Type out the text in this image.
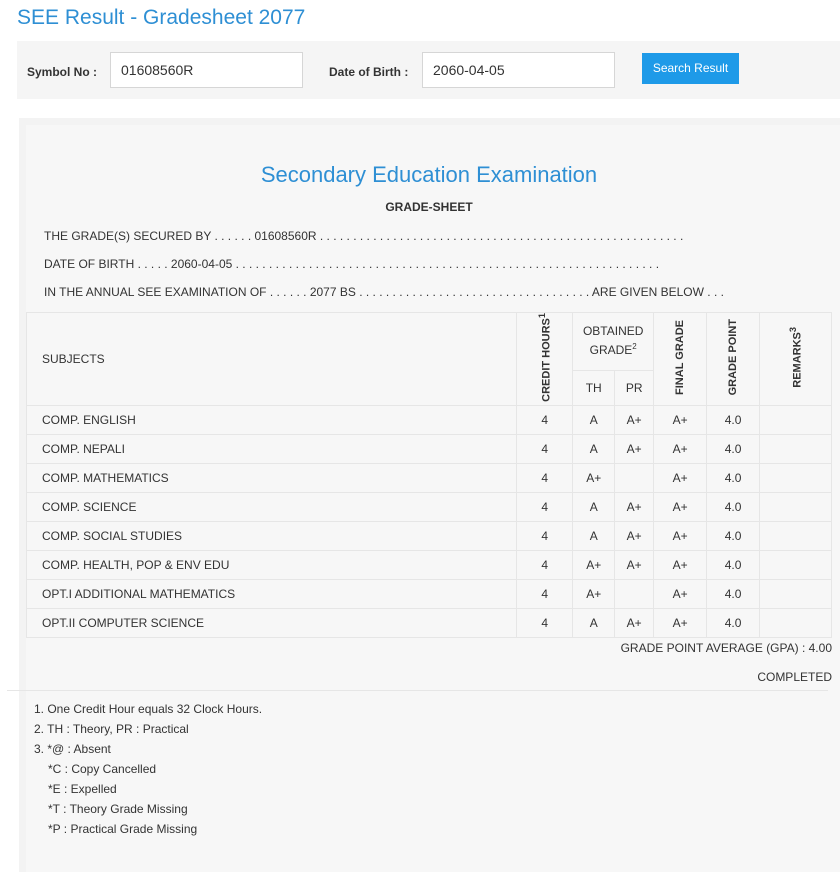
SEE Result - Gradesheet 2077
Symbol No :	01608560R	Date of Birth :	2060-04-05	Search Result
Secondary Education Examination
GRADE-SHEET
THE GRADE(S) SECURED BY . . . . . . 01608560R . . . . . . . . . . . . . . . . . . . . . . . . . . . . . . . . . . . . . . . . . . . . . . . . . . . . . . .
DATE OF BIRTH . . . . . 2060-04-05 . . . . . . . . . . . . . . . . . . . . . . . . . . . . . . . . . . . . . . . . . . . . . . . . . . . . . . . . . . . . . . . .
IN THE ANNUAL SEE EXAMINATION OF . . . . . . 2077 BS . . . . . . . . . . . . . . . . . . . . . . . . . . . . . . . . . . . ARE GIVEN BELOW . . .
SUBJECTS	CREDIT HOURS$^1$	OBTAINED GRADE$^2$		FINAL GRADE	GRADE POINT	REMARKS$^3$
		TH	PR			
COMP. ENGLISH	4	A	A+	A+	4.0	
COMP. NEPALI	4	A	A+	A+	4.0	
COMP. MATHEMATICS	4	A+		A+	4.0	
COMP. SCIENCE	4	A	A+	A+	4.0	
COMP. SOCIAL STUDIES	4	A	A+	A+	4.0	
COMP. HEALTH, POP & ENV EDU	4	A+	A+	A+	4.0	
OPT.I ADDITIONAL MATHEMATICS	4	A+		A+	4.0	
OPT.II COMPUTER SCIENCE	4	A	A+	A+	4.0	
GRADE POINT AVERAGE (GPA) : 4.00
COMPLETED
1. One Credit Hour equals 32 Clock Hours.
2. TH : Theory, PR : Practical
3. *@ : Absent
*C : Copy Cancelled
*E : Expelled
*T : Theory Grade Missing
*P : Practical Grade Missing
